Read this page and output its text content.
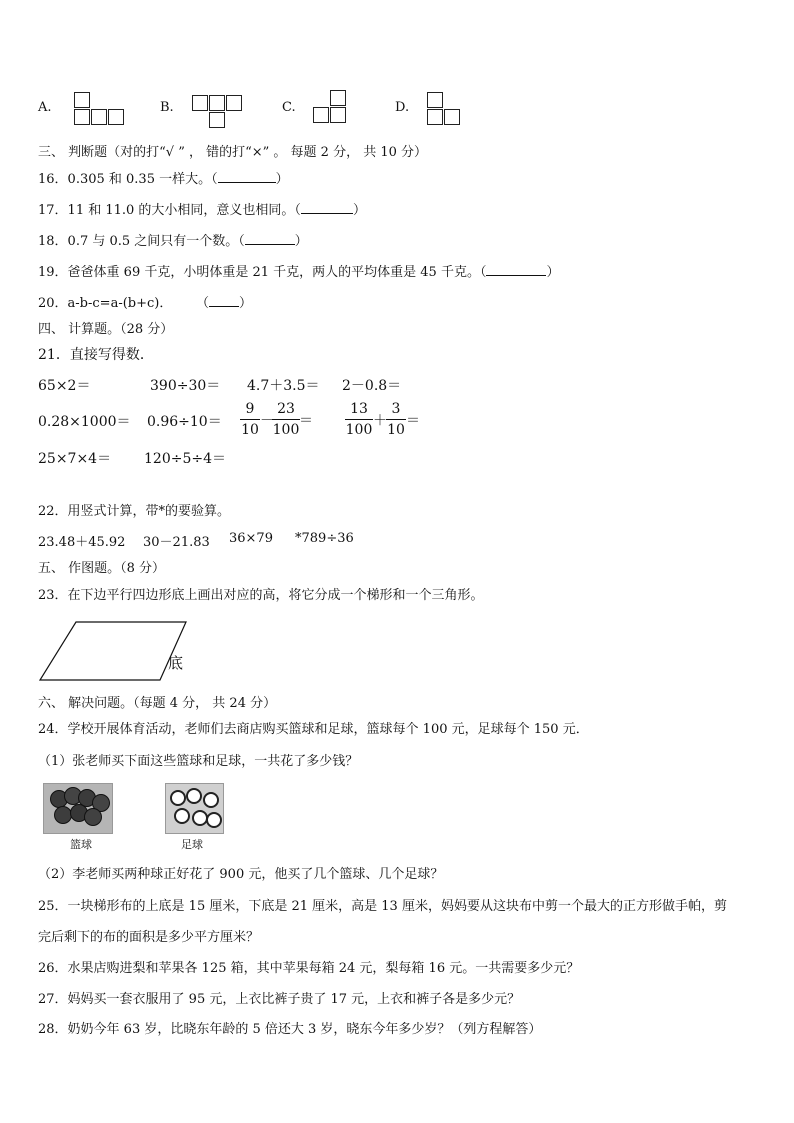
A.	B.	C.	D.
三、 判断题（对的打“√ ” ， 错的打“×” 。 每题 2 分， 共 10 分）
16．0.305 和 0.35 一样大。（	）
17．11 和 11.0 的大小相同，意义也相同。（	）
18．0.7 与 0.5 之间只有一个数。（	）
19．爸爸体重 69 千克，小明体重是 21 千克，两人的平均体重是 45 千克。（	）
20．a-b-c=a-(b+c)． （ ）
四、 计算题。（28 分）
21．直接写得数．
65×2＝	390÷30＝ 4.7＋3.5＝ 2－0.8＝
0.28×1000＝ 0.96÷10＝
9
10
－
23
100
＝
13
100
＋
3
10
＝
25×7×4＝ 120÷5÷4＝
22．用竖式计算，带*的要验算。
23.48＋45.92 30－21.83 36×79 *789÷36
五、 作图题。（8 分）
23．在下边平行四边形底上画出对应的高，将它分成一个梯形和一个三角形。
底
六、 解决问题。（每题 4 分， 共 24 分）
24．学校开展体育活动，老师们去商店购买篮球和足球，篮球每个 100 元，足球每个 150 元．
（1）张老师买下面这些篮球和足球，一共花了多少钱？
篮球	足球
（2）李老师买两种球正好花了 900 元，他买了几个篮球、几个足球？
25．一块梯形布的上底是 15 厘米，下底是 21 厘米，高是 13 厘米，妈妈要从这块布中剪一个最大的正方形做手帕，剪
完后剩下的布的面积是多少平方厘米？
26．水果店购进梨和苹果各 125 箱，其中苹果每箱 24 元，梨每箱 16 元。一共需要多少元？
27．妈妈买一套衣服用了 95 元，上衣比裤子贵了 17 元，上衣和裤子各是多少元？
28．奶奶今年 63 岁，比晓东年龄的 5 倍还大 3 岁，晓东今年多少岁？（列方程解答）
